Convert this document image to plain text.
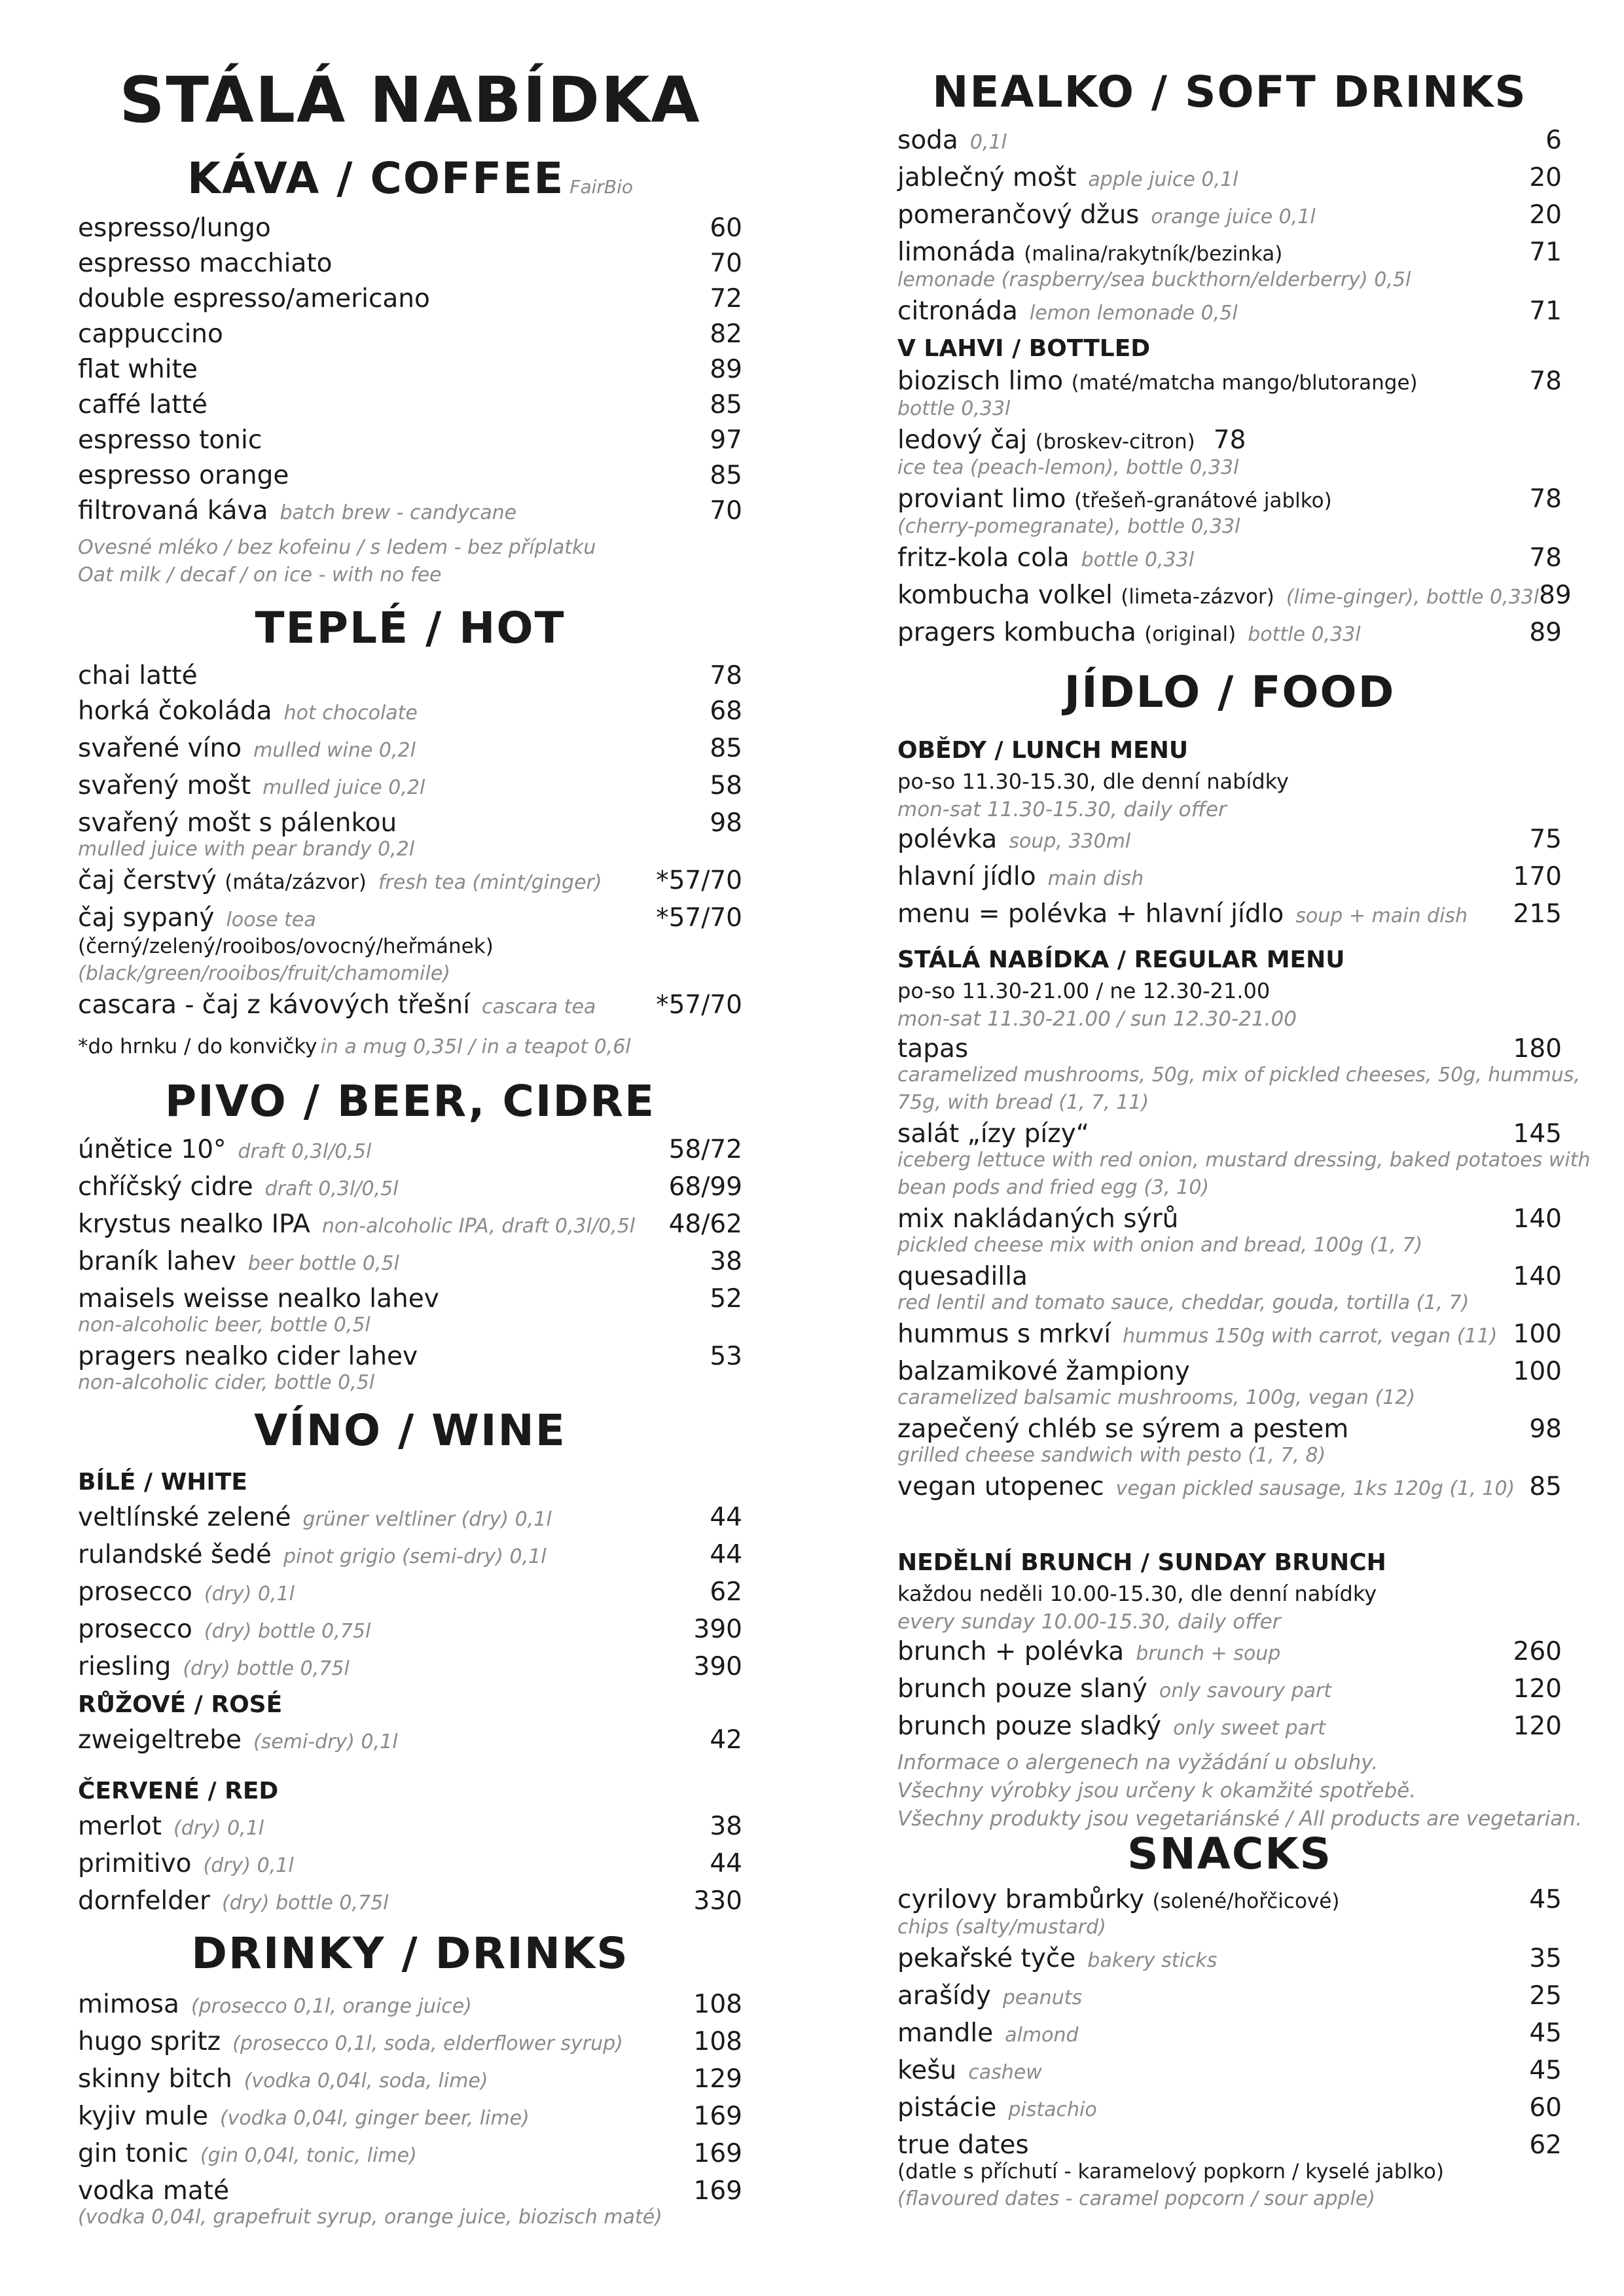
STÁLÁ NABÍDKA
KÁVA / COFFEE FairBio
espresso/lungo	60
espresso macchiato	70
double espresso/americano	72
cappuccino	82
flat white	89
caffé latté	85
espresso tonic	97
espresso orange	85
filtrovaná káva batch brew - candycane	70
Ovesné mléko / bez kofeinu / s ledem - bez příplatku
Oat milk / decaf / on ice - with no fee
TEPLÉ / HOT
chai latté	78
horká čokoláda hot chocolate	68
svařené víno mulled wine 0,2l	85
svařený mošt mulled juice 0,2l	58
svařený mošt s pálenkou	98
mulled juice with pear brandy 0,2l
čaj čerstvý (máta/zázvor) fresh tea (mint/ginger) *57/70
čaj sypaný loose tea	*57/70
(černý/zelený/rooibos/ovocný/heřmánek)
(black/green/rooibos/fruit/chamomile)
cascara - čaj z kávových třešní cascara tea *57/70
*do hrnku / do konvičky in a mug 0,35l / in a teapot 0,6l
PIVO / BEER, CIDRE
únětice 10° draft 0,3l/0,5l	58/72
chříčský cidre draft 0,3l/0,5l	68/99
krystus nealko IPA non-alcoholic IPA, draft 0,3l/0,5l 48/62
braník lahev beer bottle 0,5l	38
maisels weisse nealko lahev	52
non-alcoholic beer, bottle 0,5l
pragers nealko cider lahev	53
non-alcoholic cider, bottle 0,5l
VÍNO / WINE
BÍLÉ / WHITE
veltlínské zelené grüner veltliner (dry) 0,1l	44
rulandské šedé pinot grigio (semi-dry) 0,1l	44
prosecco (dry) 0,1l	62
prosecco (dry) bottle 0,75l	390
riesling (dry) bottle 0,75l	390
RŮŽOVÉ / ROSÉ
zweigeltrebe (semi-dry) 0,1l	42
ČERVENÉ / RED
merlot (dry) 0,1l	38
primitivo (dry) 0,1l	44
dornfelder (dry) bottle 0,75l	330
DRINKY / DRINKS
mimosa (prosecco 0,1l, orange juice)	108
hugo spritz (prosecco 0,1l, soda, elderflower syrup)	108
skinny bitch (vodka 0,04l, soda, lime)	129
kyjiv mule (vodka 0,04l, ginger beer, lime)	169
gin tonic (gin 0,04l, tonic, lime)	169
vodka maté	169
(vodka 0,04l, grapefruit syrup, orange juice, biozisch maté)
NEALKO / SOFT DRINKS
soda 0,1l	6
jablečný mošt apple juice 0,1l	20
pomerančový džus orange juice 0,1l	20
limonáda (malina/rakytník/bezinka)	71
lemonade (raspberry/sea buckthorn/elderberry) 0,5l
citronáda lemon lemonade 0,5l	71
V LAHVI / BOTTLED
biozisch limo (maté/matcha mango/blutorange)	78
bottle 0,33l
ledový čaj (broskev-citron) 78
ice tea (peach-lemon), bottle 0,33l
proviant limo (třešeň-granátové jablko)	78
(cherry-pomegranate), bottle 0,33l
fritz-kola cola bottle 0,33l	78
kombucha volkel (limeta-zázvor) (lime-ginger), bottle 0,33l 89
pragers kombucha (original) bottle 0,33l	89
JÍDLO / FOOD
OBĚDY / LUNCH MENU
po-so 11.30-15.30, dle denní nabídky
mon-sat 11.30-15.30, daily offer
polévka soup, 330ml	75
hlavní jídlo main dish	170
menu = polévka + hlavní jídlo soup + main dish 215
STÁLÁ NABÍDKA / REGULAR MENU
po-so 11.30-21.00 / ne 12.30-21.00
mon-sat 11.30-21.00 / sun 12.30-21.00
tapas	180
caramelized mushrooms, 50g, mix of pickled cheeses, 50g, hummus,
75g, with bread (1, 7, 11)
salát „ízy pízy“	145
iceberg lettuce with red onion, mustard dressing, baked potatoes with
bean pods and fried egg (3, 10)
mix nakládaných sýrů	140
pickled cheese mix with onion and bread, 100g (1, 7)
quesadilla	140
red lentil and tomato sauce, cheddar, gouda, tortilla (1, 7)
hummus s mrkví hummus 150g with carrot, vegan (11) 100
balzamikové žampiony	100
caramelized balsamic mushrooms, 100g, vegan (12)
zapečený chléb se sýrem a pestem	98
grilled cheese sandwich with pesto (1, 7, 8)
vegan utopenec vegan pickled sausage, 1ks 120g (1, 10) 85
NEDĚLNÍ BRUNCH / SUNDAY BRUNCH
každou neděli 10.00-15.30, dle denní nabídky
every sunday 10.00-15.30, daily offer
brunch + polévka brunch + soup	260
brunch pouze slaný only savoury part	120
brunch pouze sladký only sweet part	120
Informace o alergenech na vyžádání u obsluhy.
Všechny výrobky jsou určeny k okamžité spotřebě.
Všechny produkty jsou vegetariánské / All products are vegetarian.
SNACKS
cyrilovy brambůrky (solené/hořčicové)	45
chips (salty/mustard)
pekařské tyče bakery sticks	35
arašídy peanuts	25
mandle almond	45
kešu cashew	45
pistácie pistachio	60
true dates	62
(datle s příchutí - karamelový popkorn / kyselé jablko)
(flavoured dates - caramel popcorn / sour apple)
